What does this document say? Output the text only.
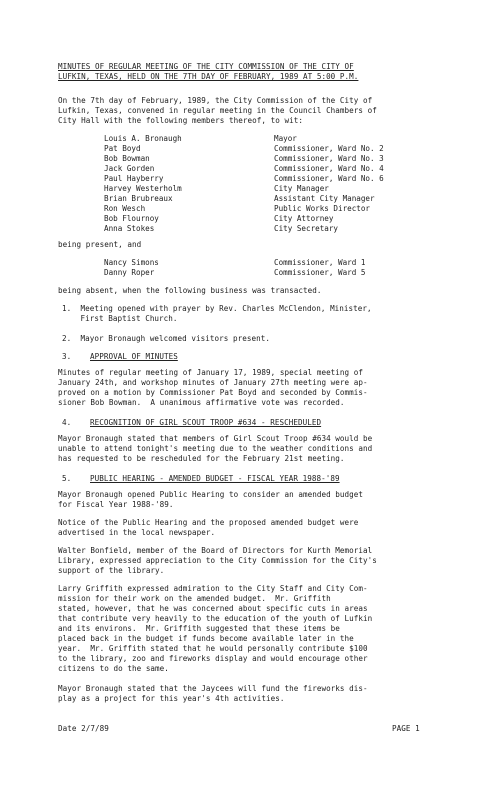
MINUTES OF REGULAR MEETING OF THE CITY COMMISSION OF THE CITY OF
LUFKIN, TEXAS, HELD ON THE 7TH DAY OF FEBRUARY, 1989 AT 5:00 P.M.
On the 7th day of February, 1989, the City Commission of the City of
Lufkin, Texas, convened in regular meeting in the Council Chambers of
City Hall with the following members thereof, to wit:
Louis A. Bronaugh	Mayor
Pat Boyd	Commissioner, Ward No. 2
Bob Bowman	Commissioner, Ward No. 3
Jack Gorden	Commissioner, Ward No. 4
Paul Hayberry	Commissioner, Ward No. 6
Harvey Westerholm	City Manager
Brian Brubreaux	Assistant City Manager
Ron Wesch	Public Works Director
Bob Flournoy	City Attorney
Anna Stokes	City Secretary
being present, and
Nancy Simons	Commissioner, Ward 1
Danny Roper	Commissioner, Ward 5
being absent, when the following business was transacted.
1.  Meeting opened with prayer by Rev. Charles McClendon, Minister,
First Baptist Church.
2.  Mayor Bronaugh welcomed visitors present.
3. APPROVAL OF MINUTES
Minutes of regular meeting of January 17, 1989, special meeting of
January 24th, and workshop minutes of January 27th meeting were ap-
proved on a motion by Commissioner Pat Boyd and seconded by Commis-
sioner Bob Bowman.  A unanimous affirmative vote was recorded.
4. RECOGNITION OF GIRL SCOUT TROOP #634 - RESCHEDULED
Mayor Bronaugh stated that members of Girl Scout Troop #634 would be
unable to attend tonight's meeting due to the weather conditions and
has requested to be rescheduled for the February 21st meeting.
5. PUBLIC HEARING - AMENDED BUDGET - FISCAL YEAR 1988-'89
Mayor Bronaugh opened Public Hearing to consider an amended budget
for Fiscal Year 1988-'89.
Notice of the Public Hearing and the proposed amended budget were
advertised in the local newspaper.
Walter Bonfield, member of the Board of Directors for Kurth Memorial
Library, expressed appreciation to the City Commission for the City's
support of the library.
Larry Griffith expressed admiration to the City Staff and City Com-
mission for their work on the amended budget.  Mr. Griffith
stated, however, that he was concerned about specific cuts in areas
that contribute very heavily to the education of the youth of Lufkin
and its environs.  Mr. Griffith suggested that these items be
placed back in the budget if funds become available later in the
year.  Mr. Griffith stated that he would personally contribute $100
to the library, zoo and fireworks display and would encourage other
citizens to do the same.
Mayor Bronaugh stated that the Jaycees will fund the fireworks dis-
play as a project for this year's 4th activities.
Date 2/7/89	PAGE 1
